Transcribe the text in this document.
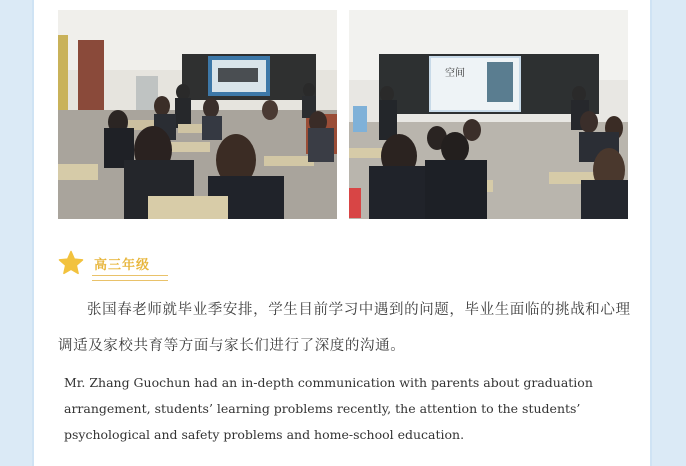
空间
高三年级

张国春老师就毕业季安排，学生目前学习中遇到的问题，毕业生面临的挑战和心理调适及家校共育等方面与家长们进行了深度的沟通。

Mr. Zhang Guochun had an in-depth communication with parents about graduation arrangement, students’ learning problems recently, the attention to the students’ psychological and safety problems and home-school education.
